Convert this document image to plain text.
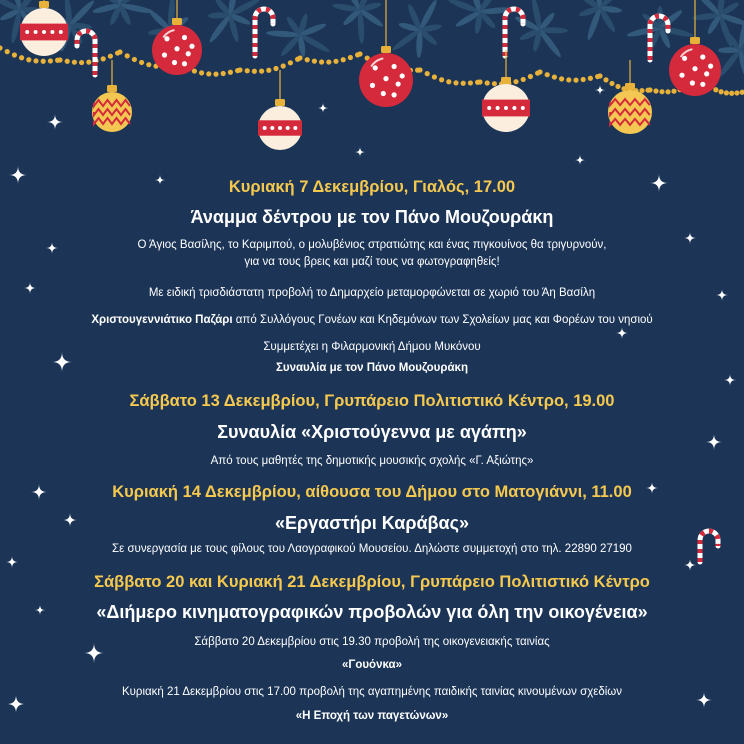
Κυριακή 7 Δεκεμβρίου, Γιαλός, 17.00
Άναμμα δέντρου με τον Πάνο Μουζουράκη
Ο Άγιος Βασίλης, το Καριμπού, ο μολυβένιος στρατιώτης και ένας πιγκουίνος θα τριγυρνούν,
για να τους βρεις και μαζί τους να φωτογραφηθείς!
Με ειδική τρισδιάστατη προβολή το Δημαρχείο μεταμορφώνεται σε χωριό του Άη Βασίλη
Χριστουγεννιάτικο Παζάρι από Συλλόγους Γονέων και Κηδεμόνων των Σχολείων μας και Φορέων του νησιού
Συμμετέχει η Φιλαρμονική Δήμου Μυκόνου
Συναυλία με τον Πάνο Μουζουράκη
Σάββατο 13 Δεκεμβρίου, Γρυπάρειο Πολιτιστικό Κέντρο, 19.00
Συναυλία «Χριστούγεννα με αγάπη»
Από τους μαθητές της δημοτικής μουσικής σχολής «Γ. Αξιώτης»
Κυριακή 14 Δεκεμβρίου, αίθουσα του Δήμου στο Ματογιάννι, 11.00
«Εργαστήρι Καράβας»
Σε συνεργασία με τους φίλους του Λαογραφικού Μουσείου. Δηλώστε συμμετοχή στο τηλ. 22890 27190
Σάββατο 20 και Κυριακή 21 Δεκεμβρίου, Γρυπάρειο Πολιτιστικό Κέντρο
«Διήμερο κινηματογραφικών προβολών για όλη την οικογένεια»
Σάββατο 20 Δεκεμβρίου στις 19.30 προβολή της οικογενειακής ταινίας
«Γουόνκα»
Κυριακή 21 Δεκεμβρίου στις 17.00 προβολή της αγαπημένης παιδικής ταινίας κινουμένων σχεδίων
«Η Εποχή των παγετώνων»
